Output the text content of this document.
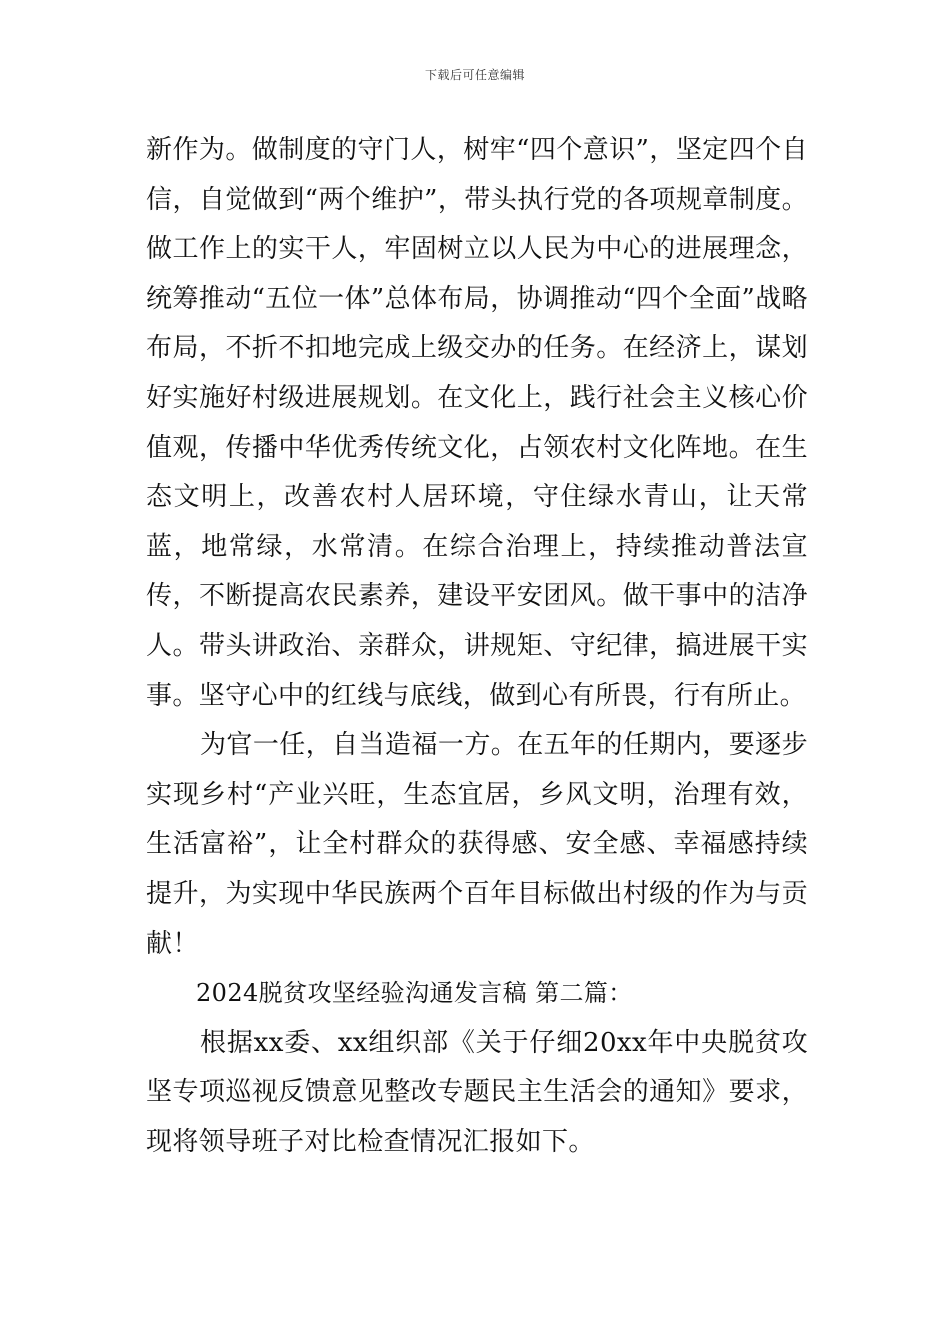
下载后可任意编辑

新作为。做制度的守门人，树牢“四个意识”，坚定四个自信，自觉做到“两个维护”，带头执行党的各项规章制度。做工作上的实干人，牢固树立以人民为中心的进展理念，统筹推动“五位一体”总体布局，协调推动“四个全面”战略布局，不折不扣地完成上级交办的任务。在经济上，谋划好实施好村级进展规划。在文化上，践行社会主义核心价值观，传播中华优秀传统文化，占领农村文化阵地。在生态文明上，改善农村人居环境，守住绿水青山，让天常蓝，地常绿，水常清。在综合治理上，持续推动普法宣传，不断提高农民素养，建设平安团风。做干事中的洁净人。带头讲政治、亲群众，讲规矩、守纪律，搞进展干实事。坚守心中的红线与底线，做到心有所畏，行有所止。

为官一任，自当造福一方。在五年的任期内，要逐步实现乡村“产业兴旺，生态宜居，乡风文明，治理有效，生活富裕”，让全村群众的获得感、安全感、幸福感持续提升，为实现中华民族两个百年目标做出村级的作为与贡献！

2024脱贫攻坚经验沟通发言稿 第二篇：

根据xx委、xx组织部《关于仔细20xx年中央脱贫攻坚专项巡视反馈意见整改专题民主生活会的通知》要求，现将领导班子对比检查情况汇报如下。
